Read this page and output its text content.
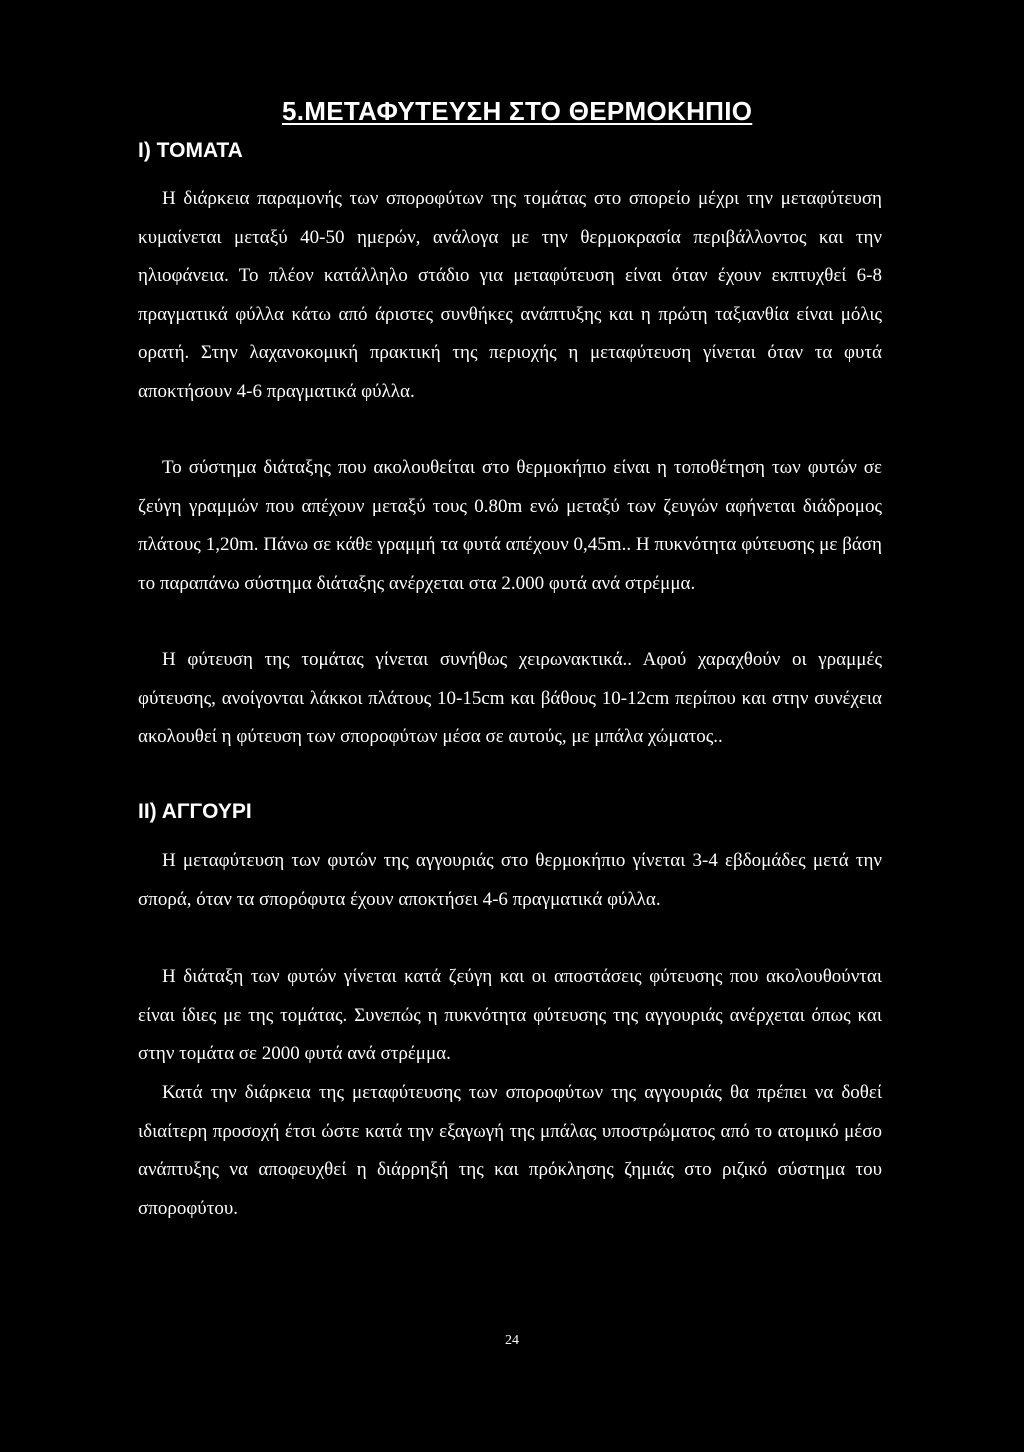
5.ΜΕΤΑΦΥΤΕΥΣΗ ΣΤΟ ΘΕΡΜΟΚΗΠΙΟ
Ι) ΤΟΜΑΤΑ

Η διάρκεια παραμονής των σποροφύτων της τομάτας στο σπορείο μέχρι την μεταφύτευση κυμαίνεται μεταξύ 40-50 ημερών, ανάλογα με την θερμοκρασία περιβάλλοντος και την ηλιοφάνεια. Το πλέον κατάλληλο στάδιο για μεταφύτευση είναι όταν έχουν εκπτυχθεί 6-8 πραγματικά φύλλα κάτω από άριστες συνθήκες ανάπτυξης και η πρώτη ταξιανθία είναι μόλις ορατή. Στην λαχανοκομική πρακτική της περιοχής η μεταφύτευση γίνεται όταν τα φυτά αποκτήσουν 4-6 πραγματικά φύλλα.

Το σύστημα διάταξης που ακολουθείται στο θερμοκήπιο είναι η τοποθέτηση των φυτών σε ζεύγη γραμμών που απέχουν μεταξύ τους 0.80m ενώ μεταξύ των ζευγών αφήνεται διάδρομος πλάτους 1,20m. Πάνω σε κάθε γραμμή τα φυτά απέχουν 0,45m.. Η πυκνότητα φύτευσης με βάση το παραπάνω σύστημα διάταξης ανέρχεται στα 2.000 φυτά ανά στρέμμα.

Η φύτευση της τομάτας γίνεται συνήθως χειρωνακτικά.. Αφού χαραχθούν οι γραμμές φύτευσης, ανοίγονται λάκκοι πλάτους 10-15cm και βάθους 10-12cm περίπου και στην συνέχεια ακολουθεί η φύτευση των σποροφύτων μέσα σε αυτούς, με μπάλα χώματος..

ΙΙ) ΑΓΓΟΥΡΙ

Η μεταφύτευση των φυτών της αγγουριάς στο θερμοκήπιο γίνεται 3-4 εβδομάδες μετά την σπορά, όταν τα σπορόφυτα έχουν αποκτήσει 4-6 πραγματικά φύλλα.

Η διάταξη των φυτών γίνεται κατά ζεύγη και οι αποστάσεις φύτευσης που ακολουθούνται είναι ίδιες με της τομάτας. Συνεπώς η πυκνότητα φύτευσης της αγγουριάς ανέρχεται όπως και στην τομάτα σε 2000 φυτά ανά στρέμμα.

Κατά την διάρκεια της μεταφύτευσης των σποροφύτων της αγγουριάς θα πρέπει να δοθεί ιδιαίτερη προσοχή έτσι ώστε κατά την εξαγωγή της μπάλας υποστρώματος από το ατομικό μέσο ανάπτυξης να αποφευχθεί η διάρρηξή της και πρόκλησης ζημιάς στο ριζικό σύστημα του σποροφύτου.

24
